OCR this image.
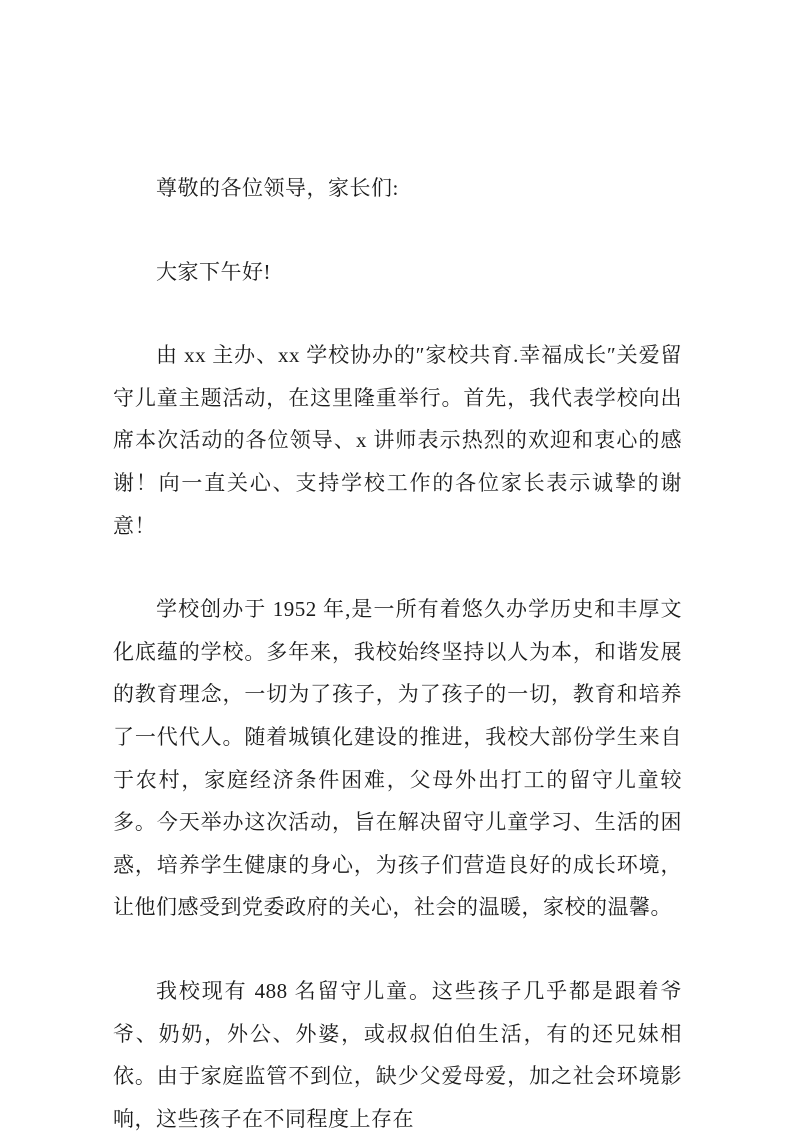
尊敬的各位领导，家长们:

大家下午好!

由 xx 主办、xx 学校协办的″家校共育.幸福成长″关爱留守儿童主题活动，在这里隆重举行。首先，我代表学校向出席本次活动的各位领导、x 讲师表示热烈的欢迎和衷心的感谢！向一直关心、支持学校工作的各位家长表示诚挚的谢意！

学校创办于 1952 年,是一所有着悠久办学历史和丰厚文化底蕴的学校。多年来，我校始终坚持以人为本，和谐发展的教育理念，一切为了孩子，为了孩子的一切，教育和培养了一代代人。随着城镇化建设的推进，我校大部份学生来自于农村，家庭经济条件困难，父母外出打工的留守儿童较多。今天举办这次活动，旨在解决留守儿童学习、生活的困惑，培养学生健康的身心，为孩子们营造良好的成长环境，让他们感受到党委政府的关心，社会的温暖，家校的温馨。

我校现有 488 名留守儿童。这些孩子几乎都是跟着爷爷、奶奶，外公、外婆，或叔叔伯伯生活，有的还兄妹相依。由于家庭监管不到位，缺少父爱母爱，加之社会环境影响，这些孩子在不同程度上存在
